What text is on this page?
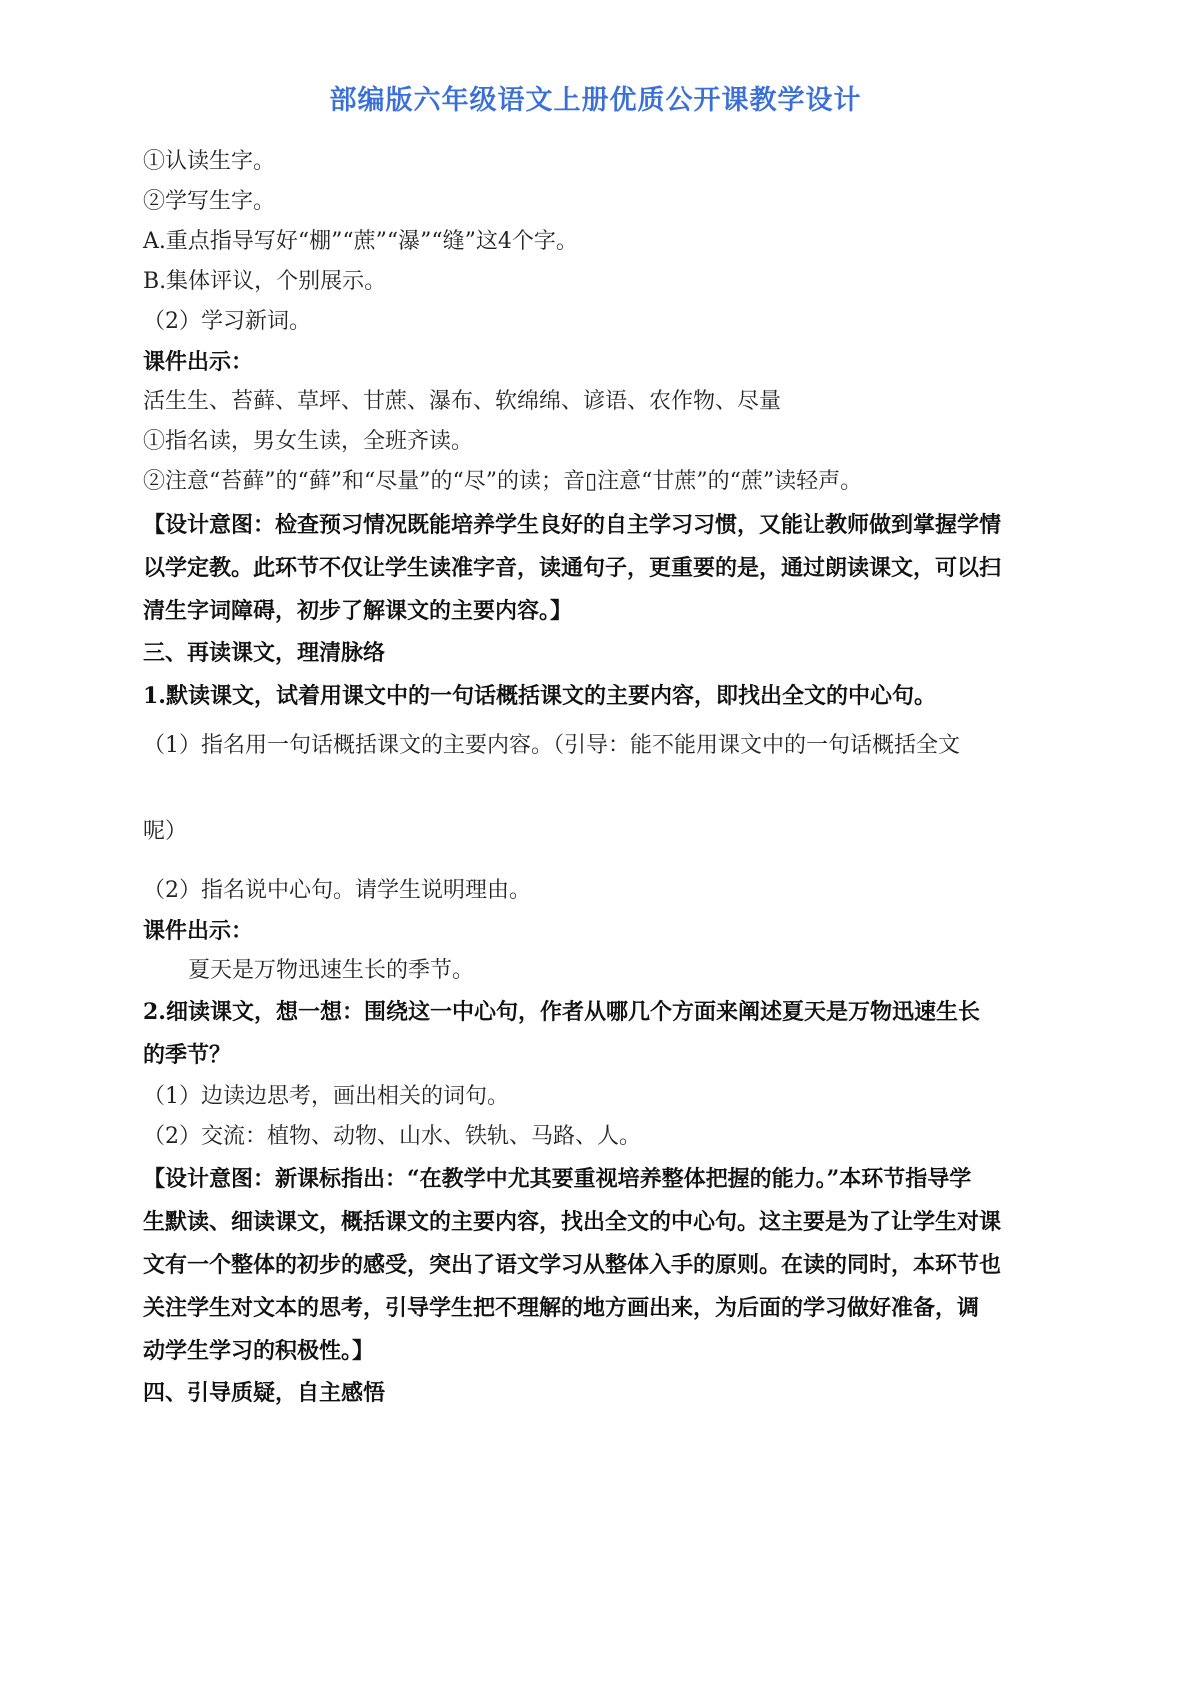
部编版六年级语文上册优质公开课教学设计
①认读生字。
②学写生字。
A.重点指导写好“棚”“蔗”“瀑”“缝”这4个字。
B.集体评议，个别展示。
（2）学习新词。
课件出示：
活生生、苔藓、草坪、甘蔗、瀑布、软绵绵、谚语、农作物、尽量
①指名读，男女生读，全班齐读。
②注意“苔藓”的“藓”和“尽量”的“尽”的读；音▯注意“甘蔗”的“蔗”读轻声。
【设计意图：检查预习情况既能培养学生良好的自主学习习惯，又能让教师做到掌握学情
以学定教。此环节不仅让学生读准字音，读通句子，更重要的是，通过朗读课文，可以扫
清生字词障碍，初步了解课文的主要内容。】
三、再读课文，理清脉络
1.默读课文，试着用课文中的一句话概括课文的主要内容，即找出全文的中心句。
（1）指名用一句话概括课文的主要内容。（引导：能不能用课文中的一句话概括全文
呢）
（2）指名说中心句。请学生说明理由。
课件出示：
夏天是万物迅速生长的季节。
2.细读课文，想一想：围绕这一中心句，作者从哪几个方面来阐述夏天是万物迅速生长
的季节？
（1）边读边思考，画出相关的词句。
（2）交流：植物、动物、山水、铁轨、马路、人。
【设计意图：新课标指出：“在教学中尤其要重视培养整体把握的能力。”本环节指导学
生默读、细读课文，概括课文的主要内容，找出全文的中心句。这主要是为了让学生对课
文有一个整体的初步的感受，突出了语文学习从整体入手的原则。在读的同时，本环节也
关注学生对文本的思考，引导学生把不理解的地方画出来，为后面的学习做好准备，调
动学生学习的积极性。】
四、引导质疑，自主感悟
